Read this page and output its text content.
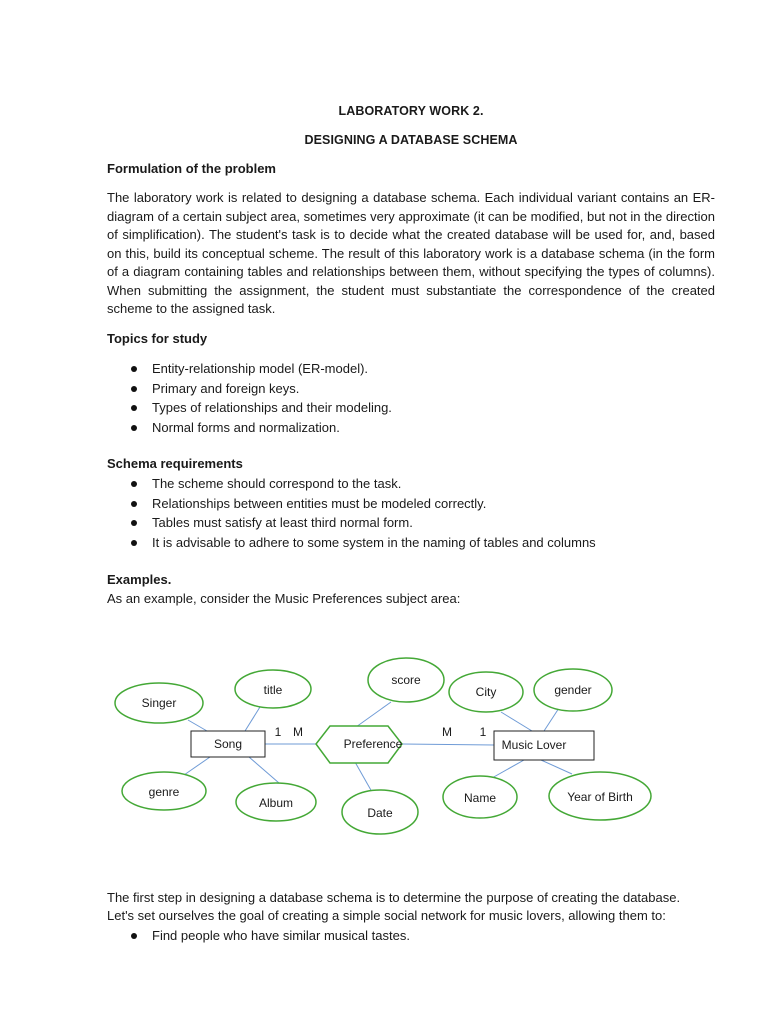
LABORATORY WORK 2.
DESIGNING A DATABASE SCHEMA
Formulation of the problem

The laboratory work is related to designing a database schema. Each individual variant contains an ER-diagram of a certain subject area, sometimes very approximate (it can be modified, but not in the direction of simplification). The student's task is to decide what the created database will be used for, and, based on this, build its conceptual scheme. The result of this laboratory work is a database schema (in the form of a diagram containing tables and relationships between them, without specifying the types of columns). When submitting the assignment, the student must substantiate the correspondence of the created scheme to the assigned task.

Topics for study
Entity-relationship model (ER-model).
Primary and foreign keys.
Types of relationships and their modeling.
Normal forms and normalization.
Schema requirements
The scheme should correspond to the task.
Relationships between entities must be modeled correctly.
Tables must satisfy at least third normal form.
It is advisable to adhere to some system in the naming of tables and columns
Examples.
As an example, consider the Music Preferences subject area:
Singer
title
genre
Album
score
Date
City	gender
Name	Year of Birth
Song	Music Lover
Preference
1 M	M 1
The first step in designing a database schema is to determine the purpose of creating the database.
Let's set ourselves the goal of creating a simple social network for music lovers, allowing them to:
Find people who have similar musical tastes.
